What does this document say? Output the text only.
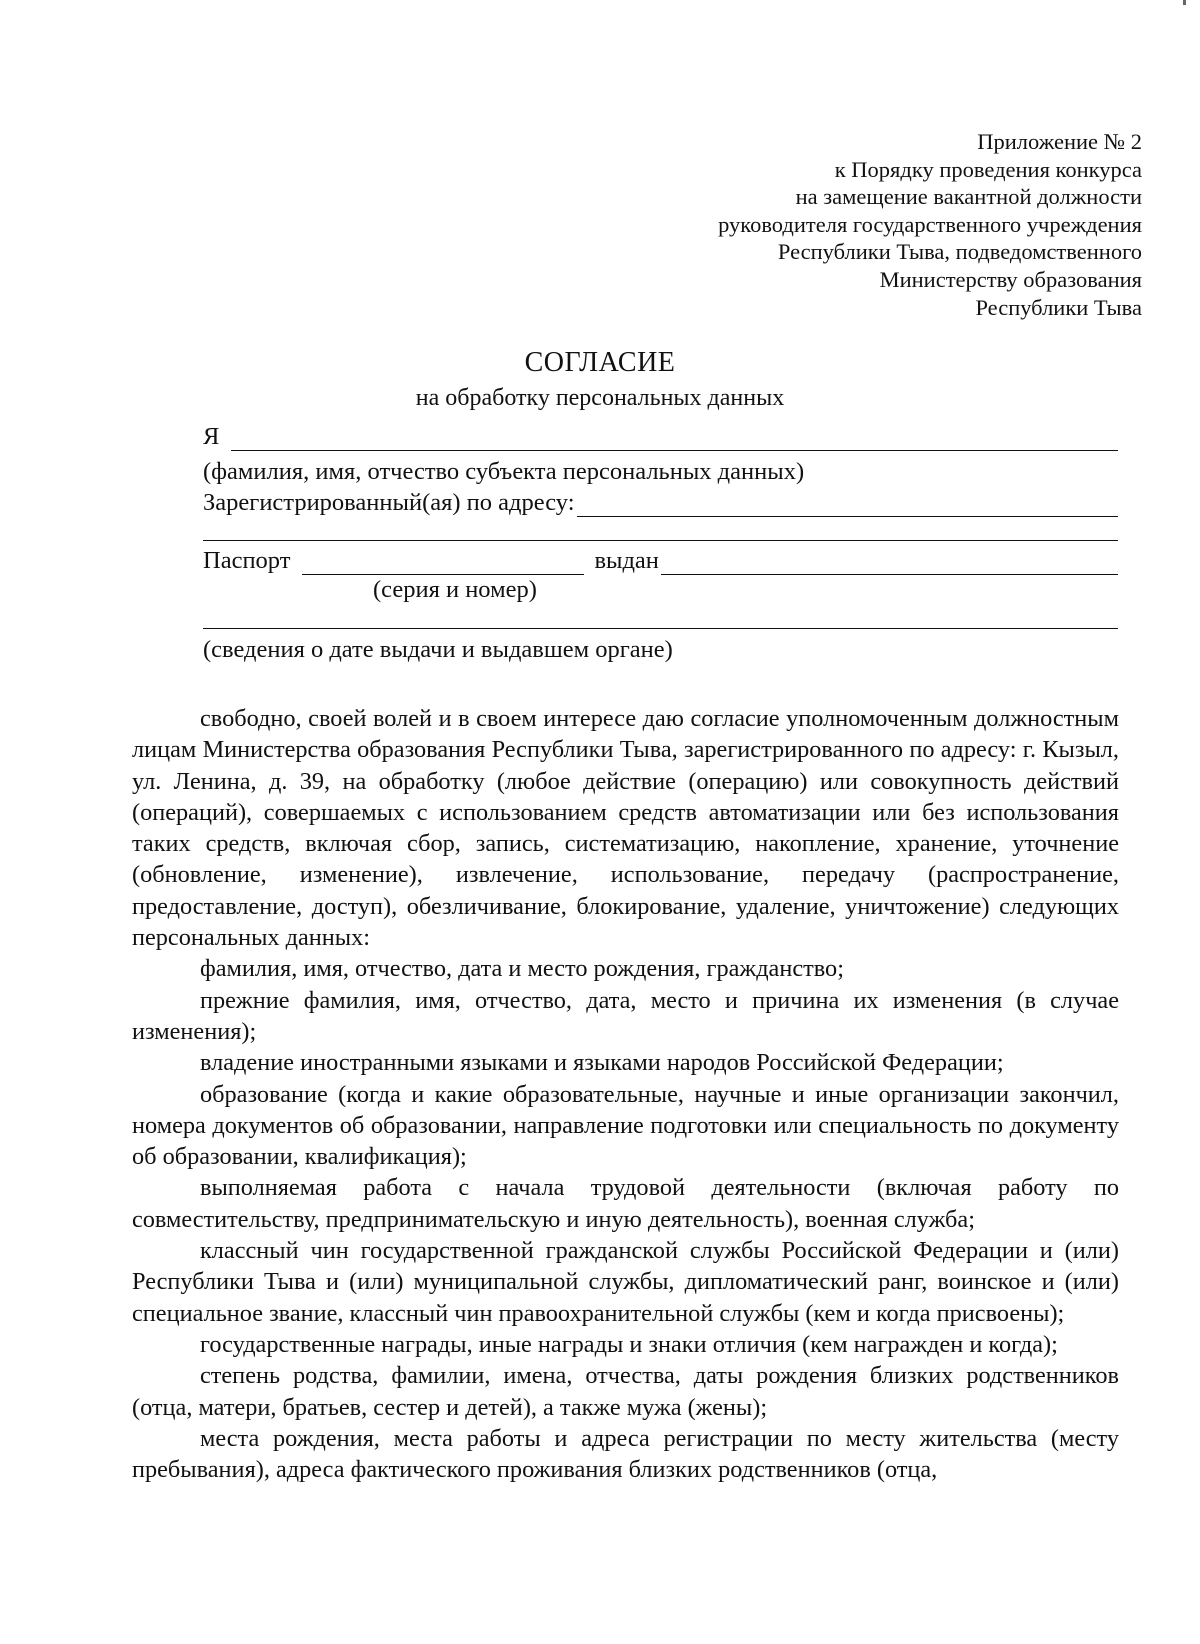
Приложение № 2
к Порядку проведения конкурса
на замещение вакантной должности
руководителя государственного учреждения
Республики Тыва, подведомственного
Министерству образования
Республики Тыва
СОГЛАСИЕ
на обработку персональных данных
Я
(фамилия, имя, отчество субъекта персональных данных)
Зарегистрированный(ая) по адресу:
Паспорт	выдан
(серия и номер)
(сведения о дате выдачи и выдавшем органе)

свободно, своей волей и в своем интересе даю согласие уполномоченным должностным лицам Министерства образования Республики Тыва, зарегистрированного по адресу: г. Кызыл, ул. Ленина, д. 39, на обработку (любое действие (операцию) или совокупность действий (операций), совершаемых с использованием средств автоматизации или без использования таких средств, включая сбор, запись, систематизацию, накопление, хранение, уточнение (обновление, изменение), извлечение, использование, передачу (распространение, предоставление, доступ), обезличивание, блокирование, удаление, уничтожение) следующих персональных данных:

фамилия, имя, отчество, дата и место рождения, гражданство;

прежние фамилия, имя, отчество, дата, место и причина их изменения (в случае изменения);

владение иностранными языками и языками народов Российской Федерации;

образование (когда и какие образовательные, научные и иные организации закончил, номера документов об образовании, направление подготовки или специальность по документу об образовании, квалификация);

выполняемая работа с начала трудовой деятельности (включая работу по совместительству, предпринимательскую и иную деятельность), военная служба;

классный чин государственной гражданской службы Российской Федерации и (или) Республики Тыва и (или) муниципальной службы, дипломатический ранг, воинское и (или) специальное звание, классный чин правоохранительной службы (кем и когда присвоены);

государственные награды, иные награды и знаки отличия (кем награжден и когда);

степень родства, фамилии, имена, отчества, даты рождения близких родственников (отца, матери, братьев, сестер и детей), а также мужа (жены);

места рождения, места работы и адреса регистрации по месту жительства (месту пребывания), адреса фактического проживания близких родственников (отца,
